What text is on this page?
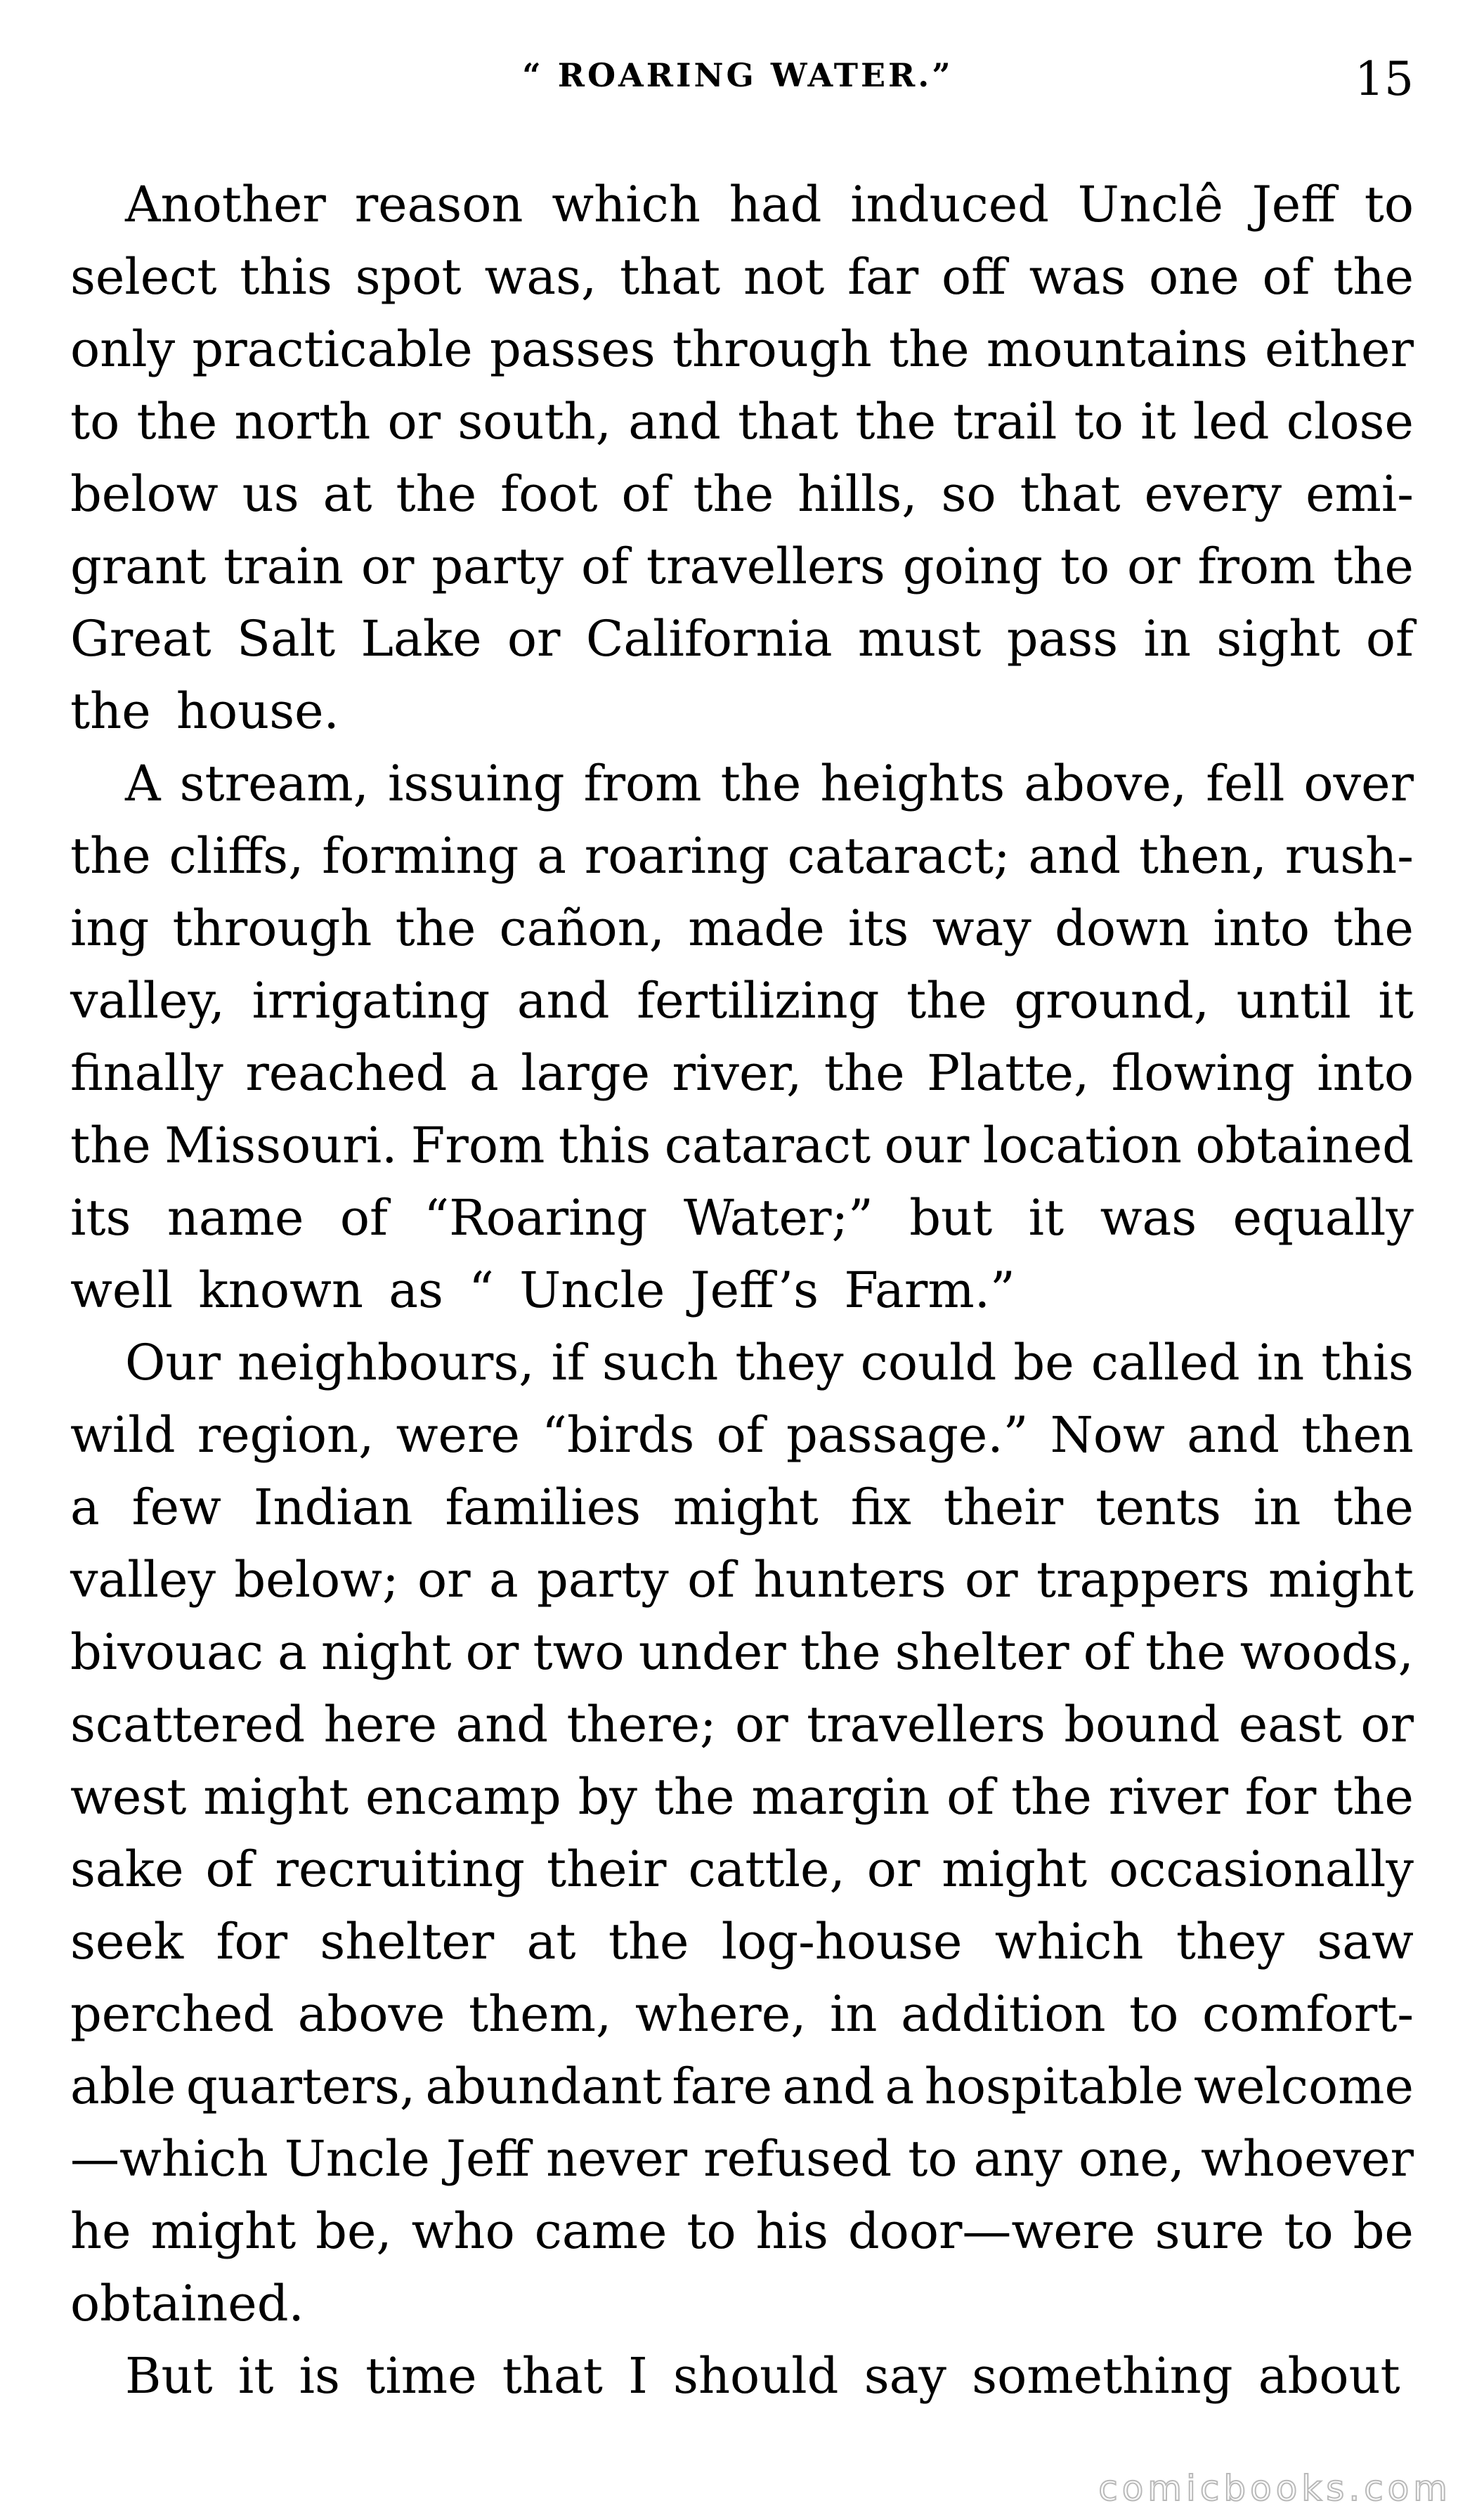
“ ROARING WATER.”	15
Another reason which had induced Unclê Jeff to
select this spot was, that not far off was one of the
only practicable passes through the mountains either
to the north or south, and that the trail to it led close
below us at the foot of the hills, so that every emi-
grant train or party of travellers going to or from the
Great Salt Lake or California must pass in sight of
the house.
A stream, issuing from the heights above, fell over
the cliffs, forming a roaring cataract; and then, rush-
ing through the cañon, made its way down into the
valley, irrigating and fertilizing the ground, until it
finally reached a large river, the Platte, flowing into
the Missouri. From this cataract our location obtained
its name of “Roaring Water;” but it was equally
well known as “ Uncle Jeff’s Farm.”
Our neighbours, if such they could be called in this
wild region, were “birds of passage.” Now and then
a few Indian families might fix their tents in the
valley below; or a party of hunters or trappers might
bivouac a night or two under the shelter of the woods,
scattered here and there; or travellers bound east or
west might encamp by the margin of the river for the
sake of recruiting their cattle, or might occasionally
seek for shelter at the log-house which they saw
perched above them, where, in addition to comfort-
able quarters, abundant fare and a hospitable welcome
—which Uncle Jeff never refused to any one, whoever
he might be, who came to his door—were sure to be
obtained.
But it is time that I should say something about
comicbooks.com
